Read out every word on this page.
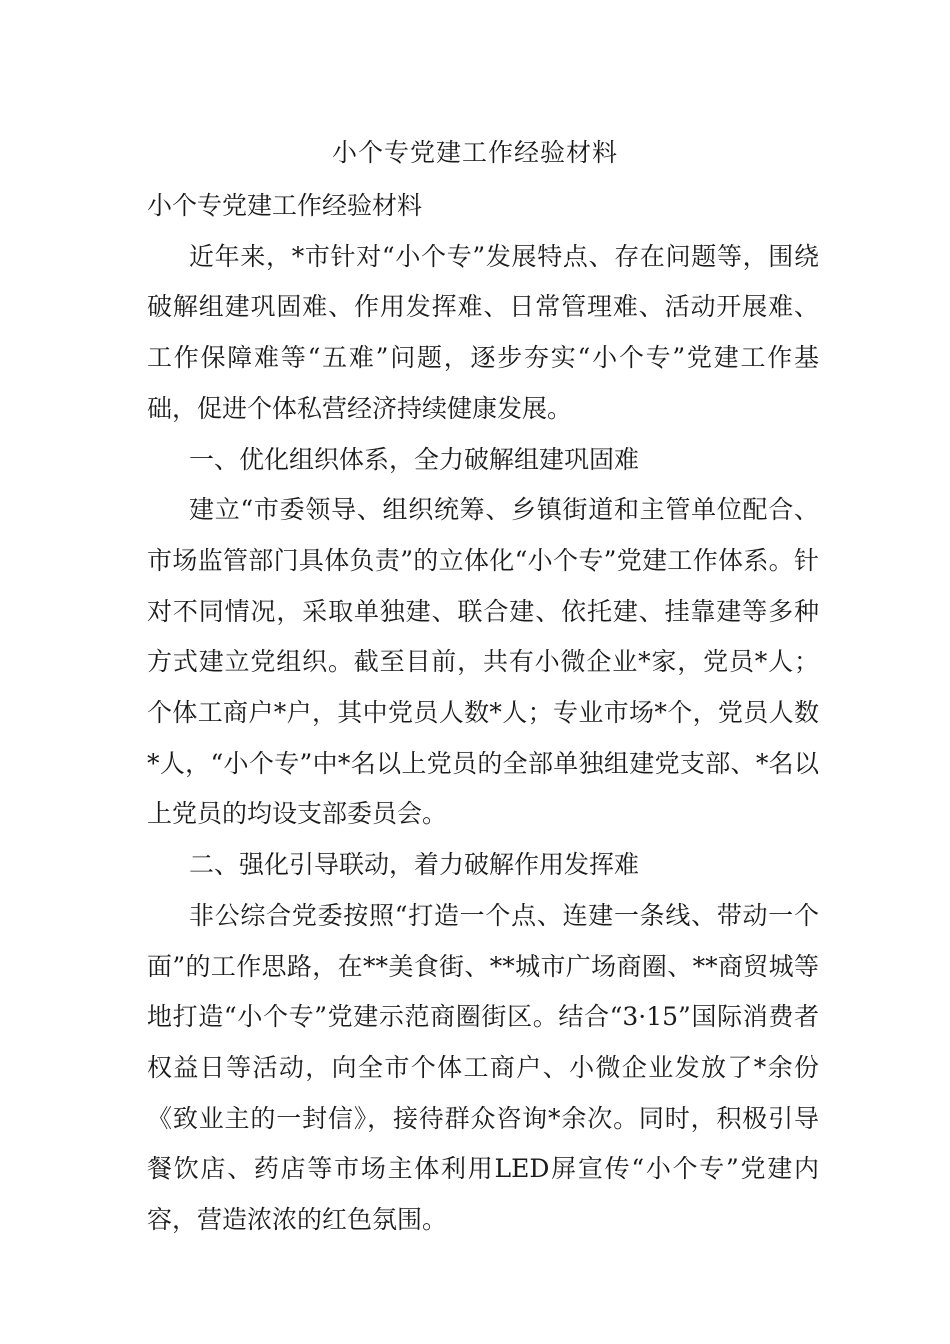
小个专党建工作经验材料

小个专党建工作经验材料

近年来，*市针对“小个专”发展特点、存在问题等，围绕破解组建巩固难、作用发挥难、日常管理难、活动开展难、工作保障难等“五难”问题，逐步夯实“小个专”党建工作基础，促进个体私营经济持续健康发展。

一、优化组织体系，全力破解组建巩固难

建立“市委领导、组织统筹、乡镇街道和主管单位配合、市场监管部门具体负责”的立体化“小个专”党建工作体系。针对不同情况，采取单独建、联合建、依托建、挂靠建等多种方式建立党组织。截至目前，共有小微企业*家，党员*人；个体工商户*户，其中党员人数*人；专业市场*个，党员人数*人，“小个专”中*名以上党员的全部单独组建党支部、*名以上党员的均设支部委员会。

二、强化引导联动，着力破解作用发挥难

非公综合党委按照“打造一个点、连建一条线、带动一个面”的工作思路，在**美食街、**城市广场商圈、**商贸城等地打造“小个专”党建示范商圈街区。结合“3·15”国际消费者权益日等活动，向全市个体工商户、小微企业发放了*余份《致业主的一封信》，接待群众咨询*余次。同时，积极引导餐饮店、药店等市场主体利用LED屏宣传“小个专”党建内容，营造浓浓的红色氛围。
